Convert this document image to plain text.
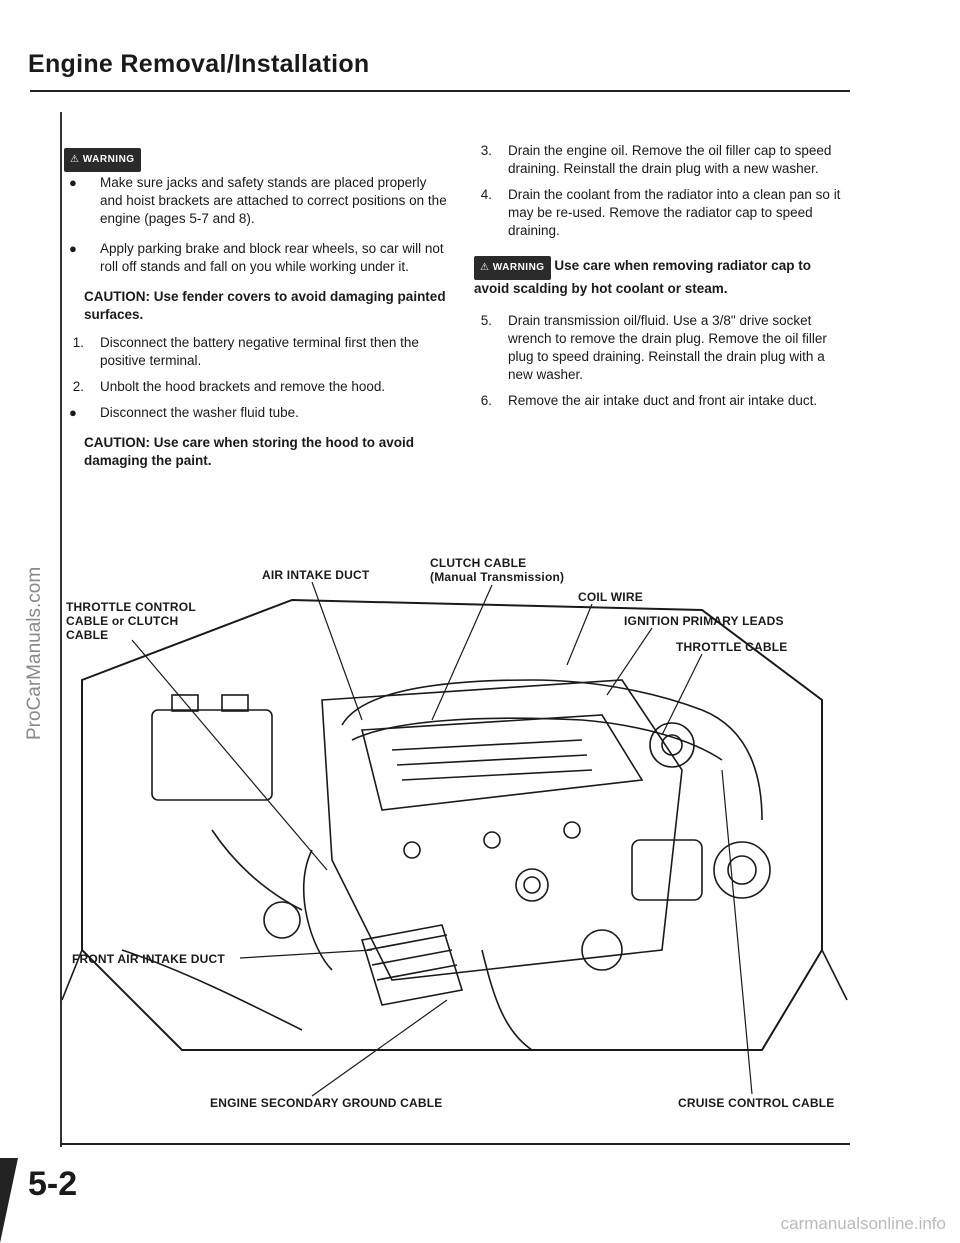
Engine Removal/Installation
⚠ WARNING
● Make sure jacks and safety stands are placed properly and hoist brackets are attached to correct positions on the engine (pages 5-7 and 8).
● Apply parking brake and block rear wheels, so car will not roll off stands and fall on you while working under it.
CAUTION: Use fender covers to avoid damaging painted surfaces.
1. Disconnect the battery negative terminal first then the positive terminal.
2. Unbolt the hood brackets and remove the hood.
● Disconnect the washer fluid tube.
CAUTION: Use care when storing the hood to avoid damaging the paint.
3. Drain the engine oil. Remove the oil filler cap to speed draining. Reinstall the drain plug with a new washer.
4. Drain the coolant from the radiator into a clean pan so it may be re-used. Remove the radiator cap to speed draining.
⚠ WARNING Use care when removing radiator cap to avoid scalding by hot coolant or steam.
5. Drain transmission oil/fluid. Use a 3/8" drive socket wrench to remove the drain plug. Remove the oil filler plug to speed draining. Reinstall the drain plug with a new washer.
6. Remove the air intake duct and front air intake duct.
THROTTLE CONTROL
CABLE or CLUTCH
CABLE
AIR INTAKE DUCT
CLUTCH CABLE
(Manual Transmission)
COIL WIRE
IGNITION PRIMARY LEADS
THROTTLE CABLE
FRONT AIR INTAKE DUCT
ENGINE SECONDARY GROUND CABLE	CRUISE CONTROL CABLE
5-2
ProCarManuals.com
carmanualsonline.info
